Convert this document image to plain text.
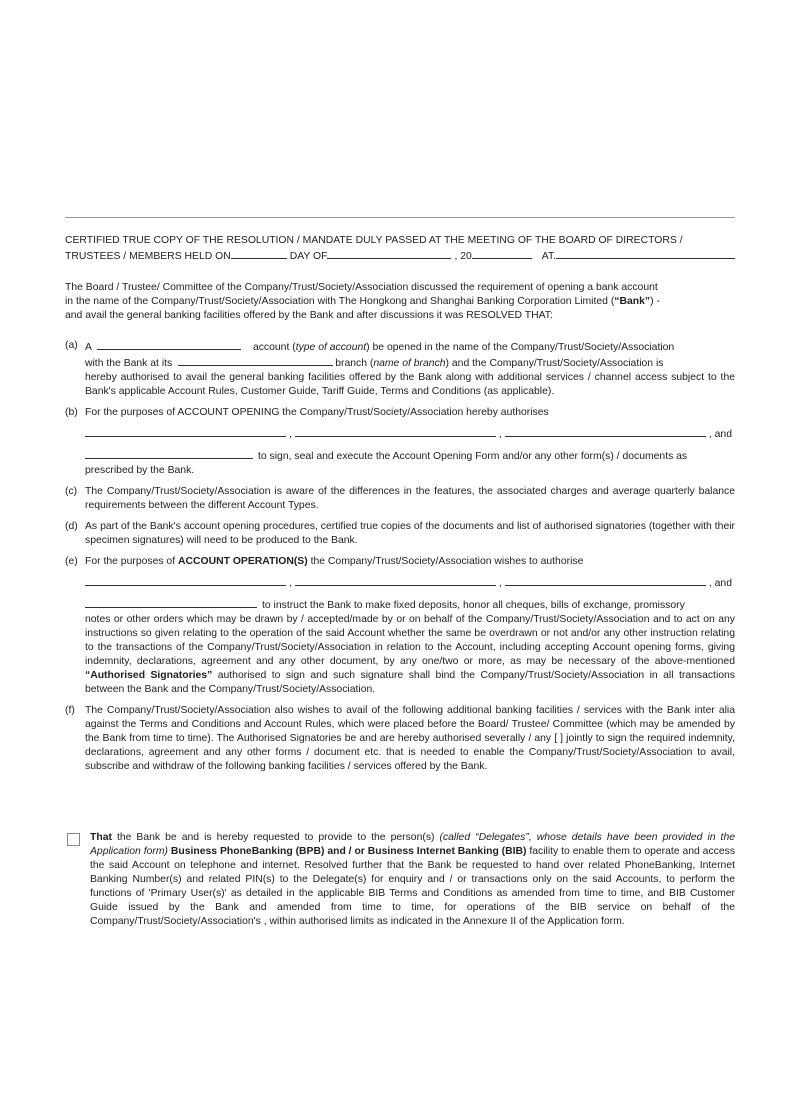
CERTIFIED TRUE COPY OF THE RESOLUTION / MANDATE DULY PASSED AT THE MEETING OF THE BOARD OF DIRECTORS /
TRUSTEES / MEMBERS HELD ON	DAY OF	, 20	AT.

The Board / Trustee/ Committee of the Company/Trust/Society/Association discussed the requirement of opening a bank account

in the name of the Company/Trust/Society/Association with The Hongkong and Shanghai Banking Corporation Limited (“Bank”) -

and avail the general banking facilities offered by the Bank and after discussions it was RESOLVED THAT:

(a) A	account (type of account) be opened in the name of the Company/Trust/Society/Association
with the Bank at its	branch (name of branch) and the Company/Trust/Society/Association is
hereby authorised to avail the general banking facilities offered by the Bank along with additional services / channel access subject to the Bank's applicable Account Rules, Customer Guide, Tariff Guide, Terms and Conditions (as applicable).
(b) For the purposes of ACCOUNT OPENING the Company/Trust/Society/Association hereby authorises
,	,	, and
to sign, seal and execute the Account Opening Form and/or any other form(s) / documents as
prescribed by the Bank.
(c) The Company/Trust/Society/Association is aware of the differences in the features, the associated charges and average quarterly balance requirements between the different Account Types.
(d) As part of the Bank's account opening procedures, certified true copies of the documents and list of authorised signatories (together with their specimen signatures) will need to be produced to the Bank.
(e) For the purposes of ACCOUNT OPERATION(S) the Company/Trust/Society/Association wishes to authorise
,	,	, and
to instruct the Bank to make fixed deposits, honor all cheques, bills of exchange, promissory
notes or other orders which may be drawn by / accepted/made by or on behalf of the Company/Trust/Society/Association and to act on any instructions so given relating to the operation of the said Account whether the same be overdrawn or not and/or any other instruction relating to the transactions of the Company/Trust/Society/Association in relation to the Account, including accepting Account opening forms, giving indemnity, declarations, agreement and any other document, by any one/two or more, as may be necessary of the above-mentioned “Authorised Signatories” authorised to sign and such signature shall bind the Company/Trust/Society/Association in all transactions between the Bank and the Company/Trust/Society/Association.
(f) The Company/Trust/Society/Association also wishes to avail of the following additional banking facilities / services with the Bank inter alia against the Terms and Conditions and Account Rules, which were placed before the Board/ Trustee/ Committee (which may be amended by the Bank from time to time). The Authorised Signatories be and are hereby authorised severally / any [ ] jointly to sign the required indemnity, declarations, agreement and any other forms / document etc. that is needed to enable the Company/Trust/Society/Association to avail, subscribe and withdraw of the following banking facilities / services offered by the Bank.
That the Bank be and is hereby requested to provide to the person(s) (called “Delegates”, whose details have been provided in the Application form) Business PhoneBanking (BPB) and / or Business Internet Banking (BIB) facility to enable them to operate and access the said Account on telephone and internet. Resolved further that the Bank be requested to hand over related PhoneBanking, Internet Banking Number(s) and related PIN(s) to the Delegate(s) for enquiry and / or transactions only on the said Accounts, to perform the functions of 'Primary User(s)' as detailed in the applicable BIB Terms and Conditions as amended from time to time, and BIB Customer Guide issued by the Bank and amended from time to time, for operations of the BIB service on behalf of the Company/Trust/Society/Association's , within authorised limits as indicated in the Annexure II of the Application form.
